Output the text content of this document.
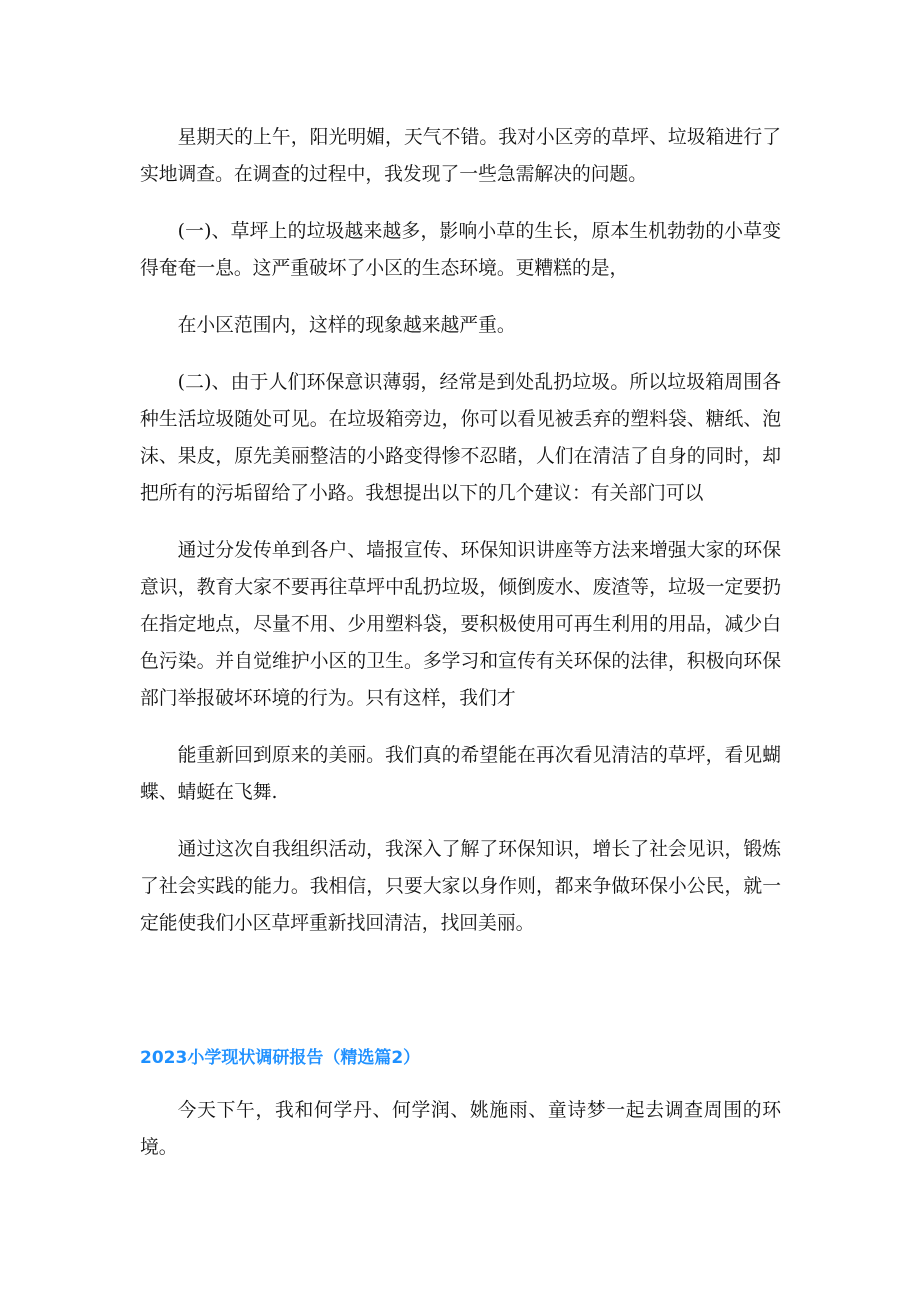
星期天的上午，阳光明媚，天气不错。我对小区旁的草坪、垃圾箱进行了实地调查。在调查的过程中，我发现了一些急需解决的问题。

(一)、草坪上的垃圾越来越多，影响小草的生长，原本生机勃勃的小草变得奄奄一息。这严重破坏了小区的生态环境。更糟糕的是，

在小区范围内，这样的现象越来越严重。

(二)、由于人们环保意识薄弱，经常是到处乱扔垃圾。所以垃圾箱周围各种生活垃圾随处可见。在垃圾箱旁边，你可以看见被丢弃的塑料袋、糖纸、泡沫、果皮，原先美丽整洁的小路变得惨不忍睹，人们在清洁了自身的同时，却把所有的污垢留给了小路。我想提出以下的几个建议：有关部门可以

通过分发传单到各户、墙报宣传、环保知识讲座等方法来增强大家的环保意识，教育大家不要再往草坪中乱扔垃圾，倾倒废水、废渣等，垃圾一定要扔在指定地点，尽量不用、少用塑料袋，要积极使用可再生利用的用品，减少白色污染。并自觉维护小区的卫生。多学习和宣传有关环保的法律，积极向环保部门举报破坏环境的行为。只有这样，我们才

能重新回到原来的美丽。我们真的希望能在再次看见清洁的草坪，看见蝴蝶、蜻蜓在飞舞.

通过这次自我组织活动，我深入了解了环保知识，增长了社会见识，锻炼了社会实践的能力。我相信，只要大家以身作则，都来争做环保小公民，就一定能使我们小区草坪重新找回清洁，找回美丽。

2023小学现状调研报告（精选篇2）

今天下午，我和何学丹、何学润、姚施雨、童诗梦一起去调查周围的环境。
